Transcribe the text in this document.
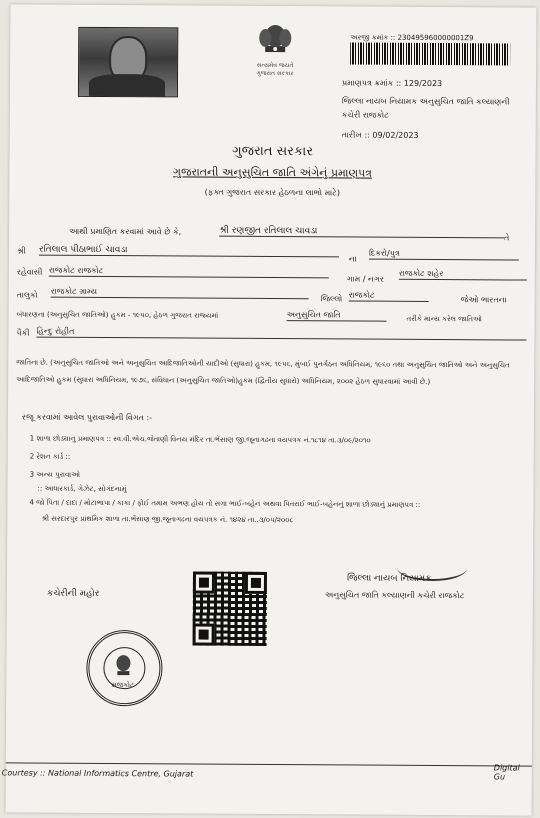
સત્યમેવ જયતે
ગુજરાત સરકાર
અરજી ક્રમાંક :: 230495960000001Z9
પ્રમાણપત્ર ક્રમાંક :: 129/2023
જિલ્લા નાયબ નિયામક અનુસુચિત જાતિ કલ્યાણની
કચેરી રાજકોટ
તારીખ :: 09/02/2023
ગુજરાત સરકાર
ગુજરાતની અનુસુચિત જાતિ અંગેનું પ્રમાણપત્ર
(ફક્ત ગુજરાત સરકાર હેઠળના લાભો માટે)
આથી પ્રમાણિત કરવામાં આવે છે કે,	શ્રી રણજીત રતિલાલ ચાવડા
તે
શ્રી રતિલાલ પીઠાભાઈ ચાવડા
ના
દિકરો/પુત્ર
રહેવાસી રાજકોટ રાજકોટ
ગામ / નગર
રાજકોટ શહેર
તાલુકો રાજકોટ ગ્રામ્ય
જિલ્લો રાજકોટ
જેઓ ભારતના
બંધારણના (અનુસુચિત જાતિઓ) હુકમ - ૧૯૫૦, હેઠળ ગુજરાત રાજ્યમાં	અનુસુચિત જાતિ	તરીકે માન્ય કરેલ જાતિઓ
પૈકી હિન્દુ રોહીત
જાતિના છે. (અનુસુચિત જાતિઓ અને અનુસુચિત આદિજાતિઓની યાદીઓ (સુધારા) હુકમ, ૧૯૫૬, મુંબઈ પુનર્ગઠન અધિનિયમ, ૧૯૬૦ તથા અનુસુચિત જાતિઓ અને અનુસુચિત આદિજાતિઓ હુકમ (સુધારા અધિનિયમ, ૧૯૭૬, સંવિધાન (અનુસુચિત જાતિઓ)હુકમ (દ્વિતીય સુધારો) અધિનિયમ, ૨૦૦૨ હેઠળ સુધારવામાં આવી છે.)
રજૂ કરવામાં આવેલ પુરાવાઓની વિગત :-
1 શાળા છોડ્યાનુ પ્રમાણપત્ર :: સ્વ.વી.એચ.જેતાણી વિનય મંદિર તા.ભેંસાણ જી.જૂનાગઢના વયપત્રક નં.૧૮૧૪ તા.૩/૦૯/૨૦૧૦
2 રેશન કાર્ડ ::
3 અન્ય પુરાવાઓ
:: આધારકાર્ડ, ગેઝેટ, સોગંદનામું
4 જો પિતા / દાદા / મોટાભાપા / કાકા / ફોઈ તમામ અભણ હોય તો સગા ભાઈ-બહેન અથવા પિતરાઈ ભાઈ-બહેનનું શાળા છોડ્યાનું પ્રમાણપત્ર ::
શ્રી સરદારપુર પ્રાથમિક શાળા તા.ભેંસાણ જી.જૂનાગઢના વયપત્રક નં. ૧૪૨૪ તા..૩/૦૫/૨૦૦૮
કચેરીની મહોર
જિલ્લા નાયબ નિયામક
અનુસુચિત જાતિ કલ્યાણની કચેરી રાજકોટ
રાજકોટ
Courtesy :: National Informatics Centre, Gujarat
Digital Gu
